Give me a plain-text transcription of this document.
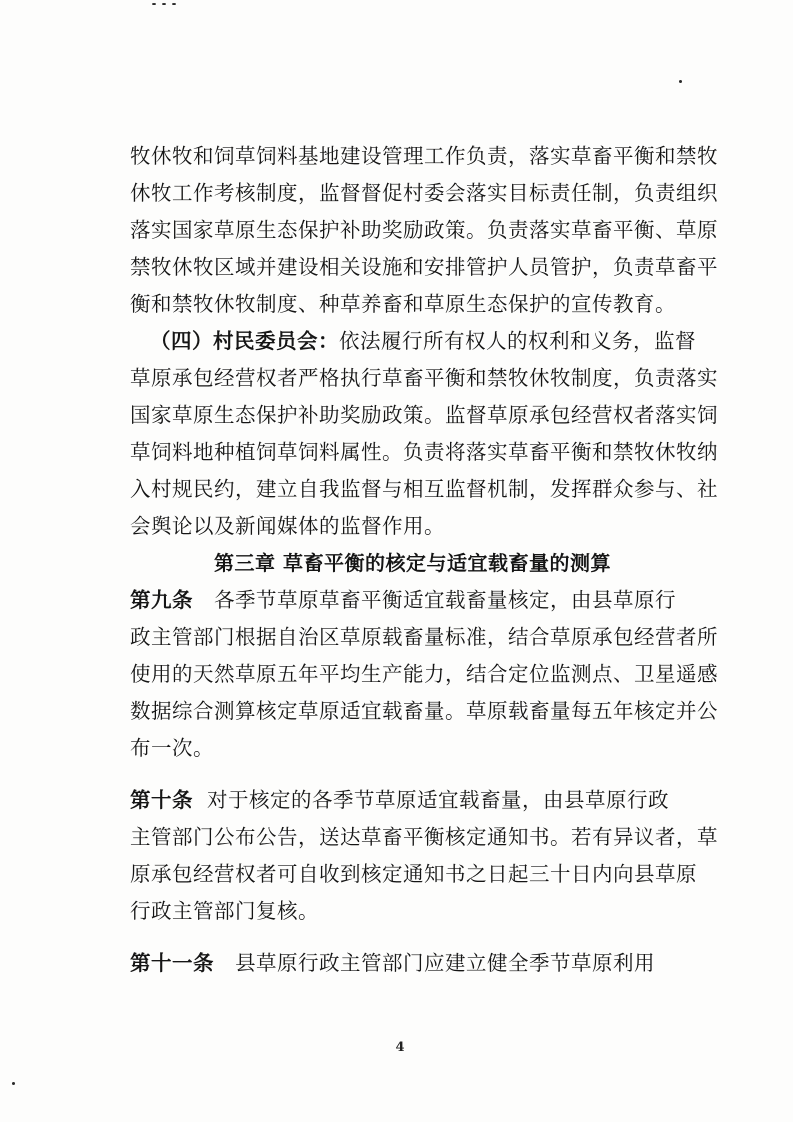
牧休牧和饲草饲料基地建设管理工作负责，落实草畜平衡和禁牧
休牧工作考核制度，监督督促村委会落实目标责任制，负责组织
落实国家草原生态保护补助奖励政策。负责落实草畜平衡、草原
禁牧休牧区域并建设相关设施和安排管护人员管护，负责草畜平
衡和禁牧休牧制度、种草养畜和草原生态保护的宣传教育。
（四）村民委员会：依法履行所有权人的权利和义务，监督
草原承包经营权者严格执行草畜平衡和禁牧休牧制度，负责落实
国家草原生态保护补助奖励政策。监督草原承包经营权者落实饲
草饲料地种植饲草饲料属性。负责将落实草畜平衡和禁牧休牧纳
入村规民约，建立自我监督与相互监督机制，发挥群众参与、社
会舆论以及新闻媒体的监督作用。
第三章 草畜平衡的核定与适宜载畜量的测算
第九条 各季节草原草畜平衡适宜载畜量核定，由县草原行
政主管部门根据自治区草原载畜量标准，结合草原承包经营者所
使用的天然草原五年平均生产能力，结合定位监测点、卫星遥感
数据综合测算核定草原适宜载畜量。草原载畜量每五年核定并公
布一次。
第十条 对于核定的各季节草原适宜载畜量，由县草原行政
主管部门公布公告，送达草畜平衡核定通知书。若有异议者，草
原承包经营权者可自收到核定通知书之日起三十日内向县草原
行政主管部门复核。
第十一条 县草原行政主管部门应建立健全季节草原利用
4
